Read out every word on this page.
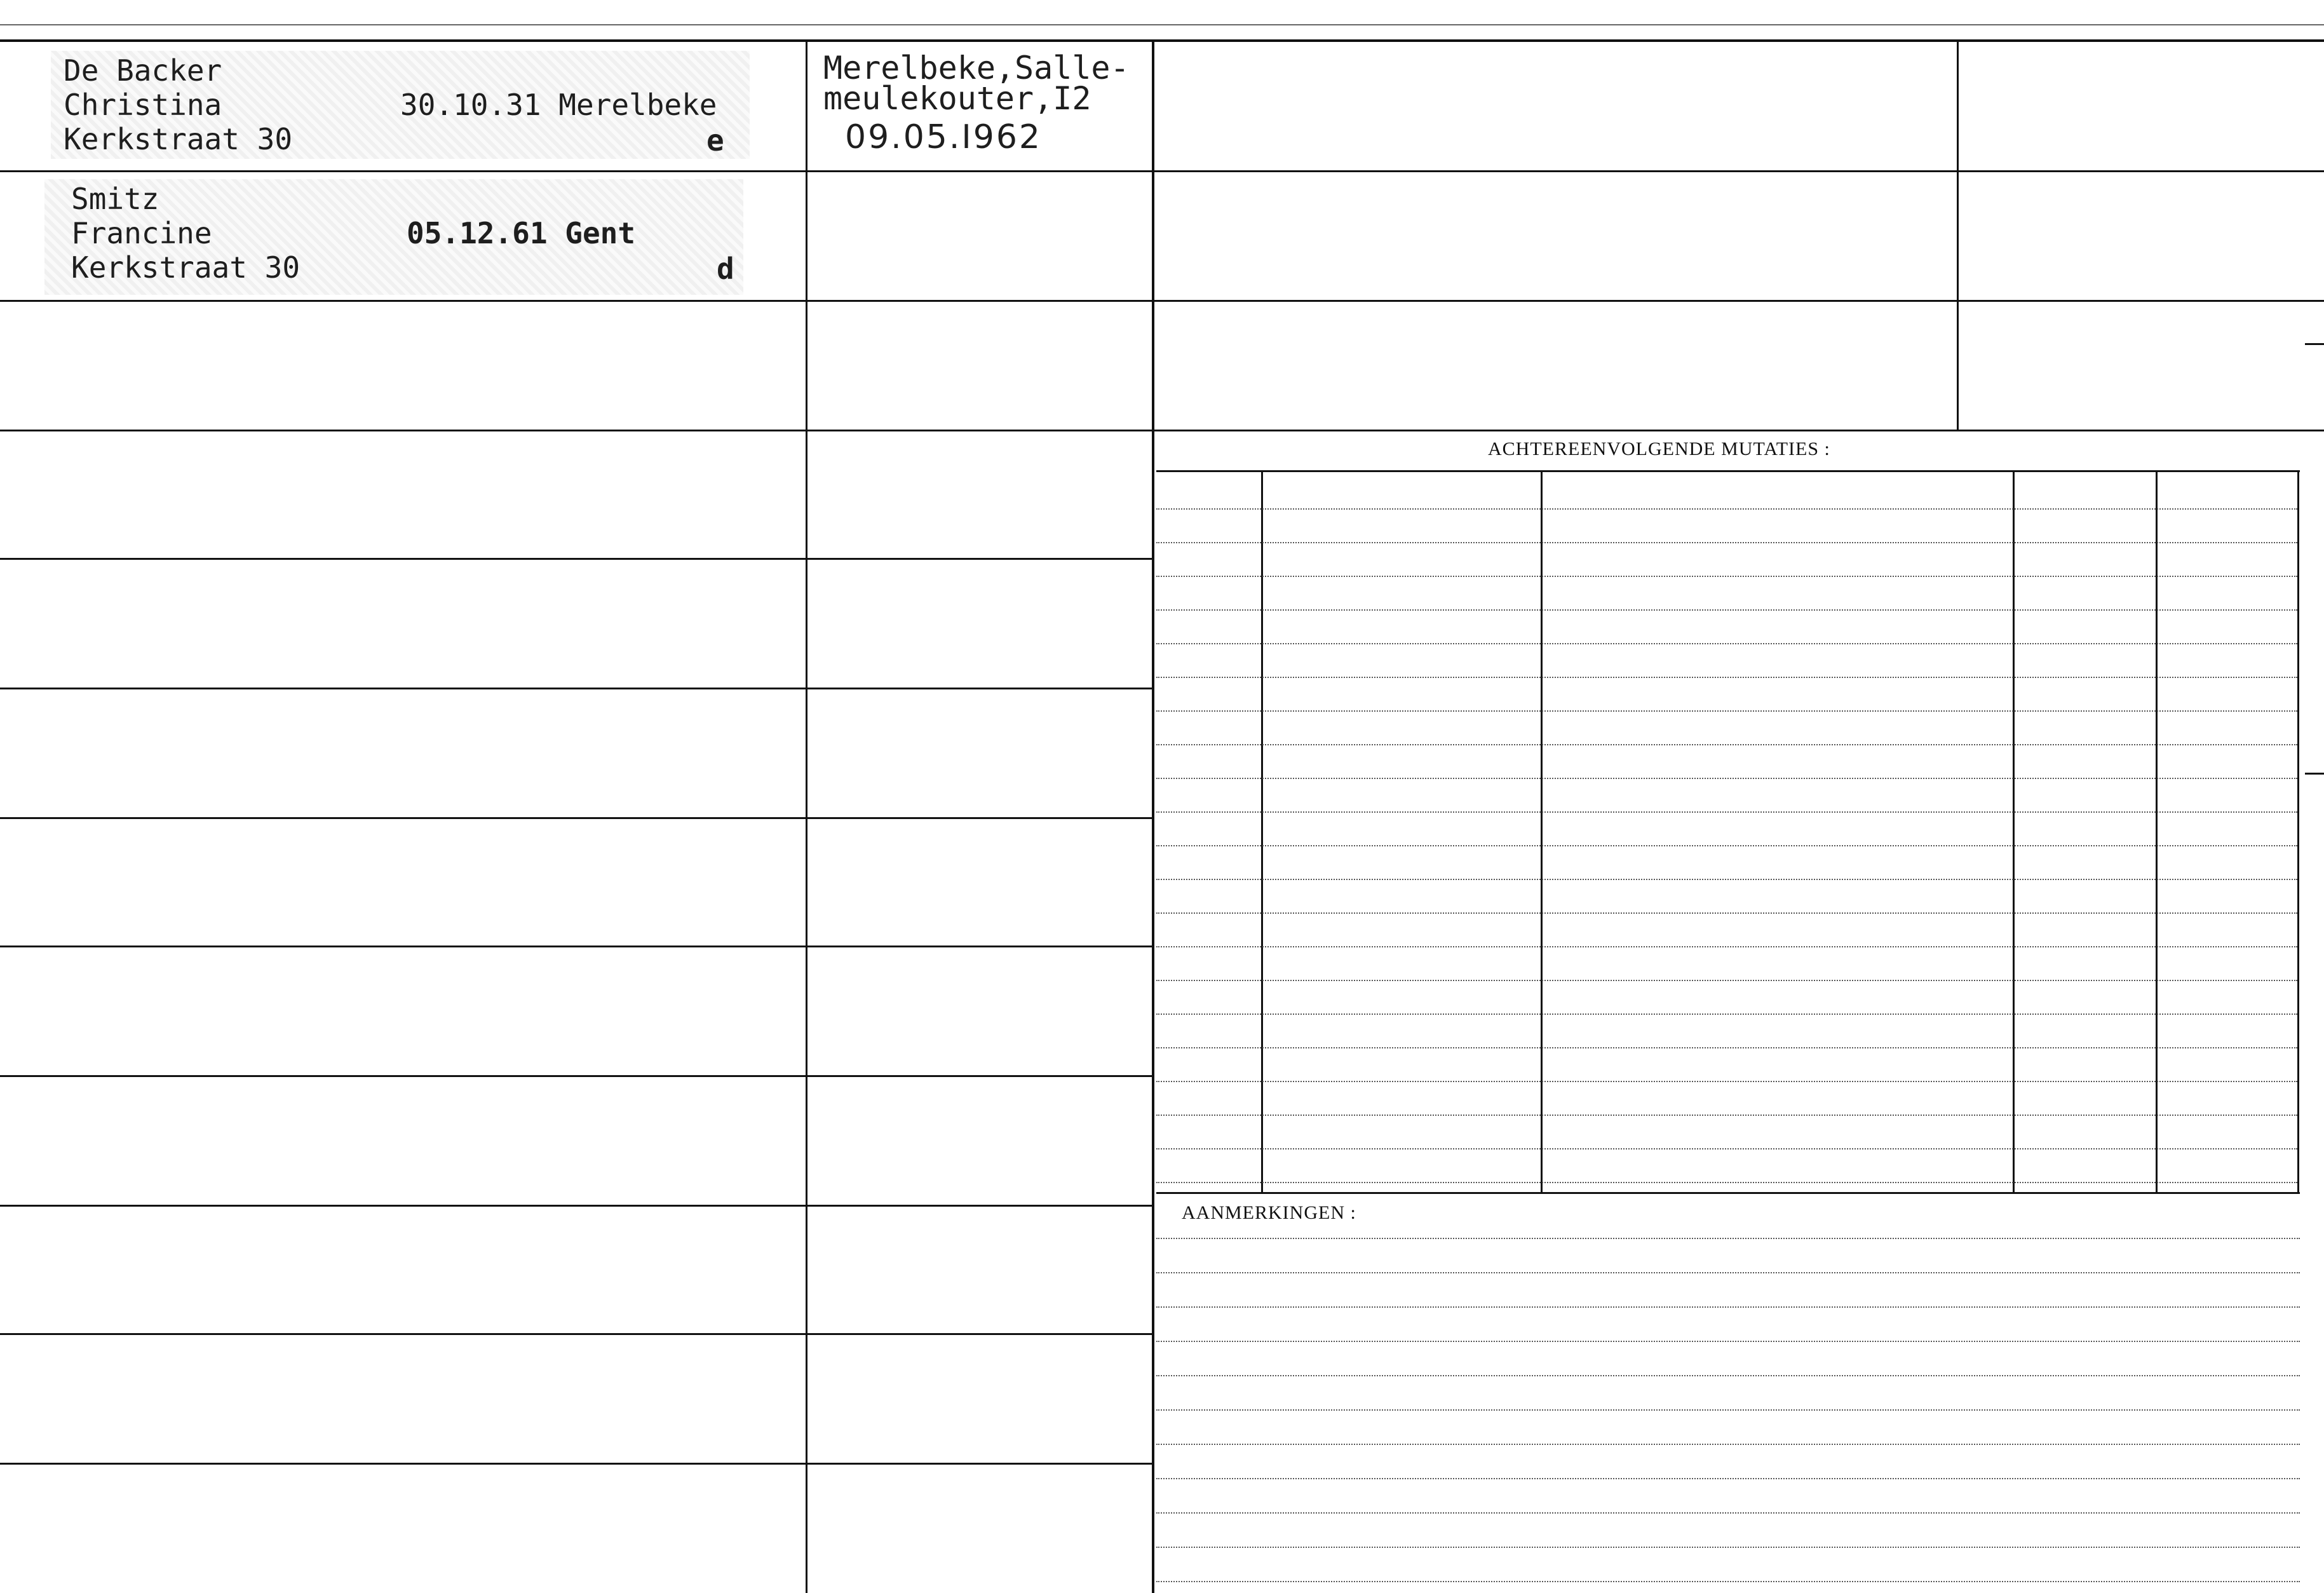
ACHTEREENVOLGENDE MUTATIES :
AANMERKINGEN :
De Backer
Christina
Kerkstraat 30
30.10.31 Merelbeke
e
Merelbeke,Salle-
meulekouter,I2
09.05.I962
Smitz
Francine
Kerkstraat 30
05.12.61 Gent
d
